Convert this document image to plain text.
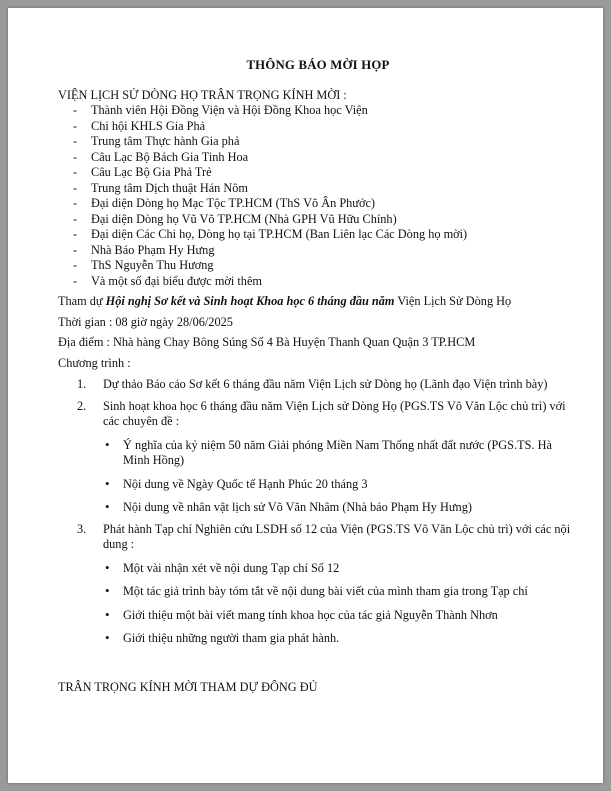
THÔNG BÁO MỜI HỌP

VIỆN LỊCH SỬ DÒNG HỌ TRÂN TRỌNG KÍNH MỜI :

- Thành viên Hội Đồng Viện và Hội Đồng Khoa học Viện
- Chi hội KHLS Gia Phả
- Trung tâm Thực hành Gia phả
- Câu Lạc Bộ Bách Gia Tinh Hoa
- Câu Lạc Bộ Gia Phả Trẻ
- Trung tâm Dịch thuật Hán Nôm
- Đại diện Dòng họ Mạc Tộc TP.HCM (ThS Võ Ân Phước)
- Đại diện Dòng họ Vũ Võ TP.HCM (Nhà GPH Vũ Hữu Chính)
- Đại diện Các Chi họ, Dòng họ tại TP.HCM (Ban Liên lạc Các Dòng họ mời)
- Nhà Báo Phạm Hy Hưng
- ThS Nguyễn Thu Hương
- Và một số đại biểu được mời thêm

Tham dự Hội nghị Sơ kết và Sinh hoạt Khoa học 6 tháng đầu năm Viện Lịch Sử Dòng Họ

Thời gian : 08 giờ ngày 28/06/2025

Địa điểm : Nhà hàng Chay Bông Súng Số 4 Bà Huyện Thanh Quan Quận 3 TP.HCM

Chương trình :

1. Dự thảo Báo cáo Sơ kết 6 tháng đầu năm Viện Lịch sử Dòng họ (Lãnh đạo Viện trình bày)
2. Sinh hoạt khoa học 6 tháng đầu năm Viện Lịch sử Dòng Họ (PGS.TS Võ Văn Lộc chủ trì) với các chuyên đề :
• Ý nghĩa của kỷ niệm 50 năm Giải phóng Miền Nam Thống nhất đất nước (PGS.TS. Hà Minh Hồng)
• Nội dung về Ngày Quốc tế Hạnh Phúc 20 tháng 3
• Nội dung về nhân vật lịch sử Võ Văn Nhâm (Nhà báo Phạm Hy Hưng)
3. Phát hành Tạp chí Nghiên cứu LSDH số 12 của Viện (PGS.TS Võ Văn Lộc chủ trì) với các nội dung :
• Một vài nhận xét về nội dung Tạp chí Số 12
• Một tác giả trình bày tóm tắt về nội dung bài viết của mình tham gia trong Tạp chí
• Giới thiệu một bài viết mang tính khoa học của tác giả Nguyễn Thành Nhơn
• Giới thiệu những người tham gia phát hành.

TRÂN TRỌNG KÍNH MỜI THAM DỰ ĐÔNG ĐỦ
